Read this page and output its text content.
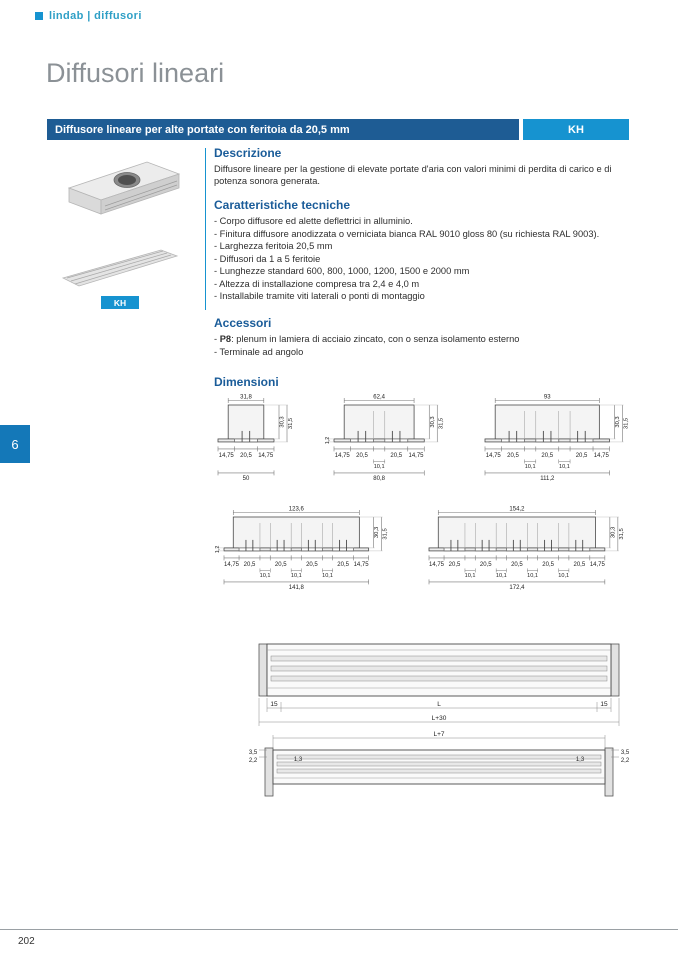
lindab | diffusori
Diffusori lineari
Diffusore lineare per alte portate con feritoia da 20,5 mm	KH
KH
Descrizione

Diffusore lineare per la gestione di elevate portate d'aria con valori minimi di perdita di carico e di potenza sonora generata.

Caratteristiche tecniche
- Corpo diffusore ed alette deflettrici in alluminio.
- Finitura diffusore anodizzata o verniciata bianca RAL 9010 gloss 80 (su richiesta RAL 9003).
- Larghezza feritoia 20,5 mm
- Diffusori da 1 a 5 feritoie
- Lunghezze standard 600, 800, 1000, 1200, 1500 e 2000 mm
- Altezza di installazione compresa tra 2,4 e 4,0 m
- Installabile tramite viti laterali o ponti di montaggio
Accessori
- P8: plenum in lamiera di acciaio zincato, con o senza isolamento esterno
- Terminale ad angolo
Dimensioni
6
31,8
30,3 31,5
14,75 20,5 14,75
50
62,4
30,3 31,5
1,2
14,75 20,5	20,5 14,75
10,1
80,8
93
30,3 31,5
14,75 20,5	20,5	20,5 14,75
10,1	10,1
111,2
123,6
30,3 31,5
1,2
14,75 20,5	20,5	20,5	20,5 14,75
10,1	10,1	10,1
141,8
154,2
30,3 31,5
14,75 20,5	20,5	20,5	20,5	20,5 14,75
10,1	10,1	10,1	10,1
172,4
15	L	15
L+30
L+7
3,5
2,2	1,3
3,5
2,2
1,3
202
